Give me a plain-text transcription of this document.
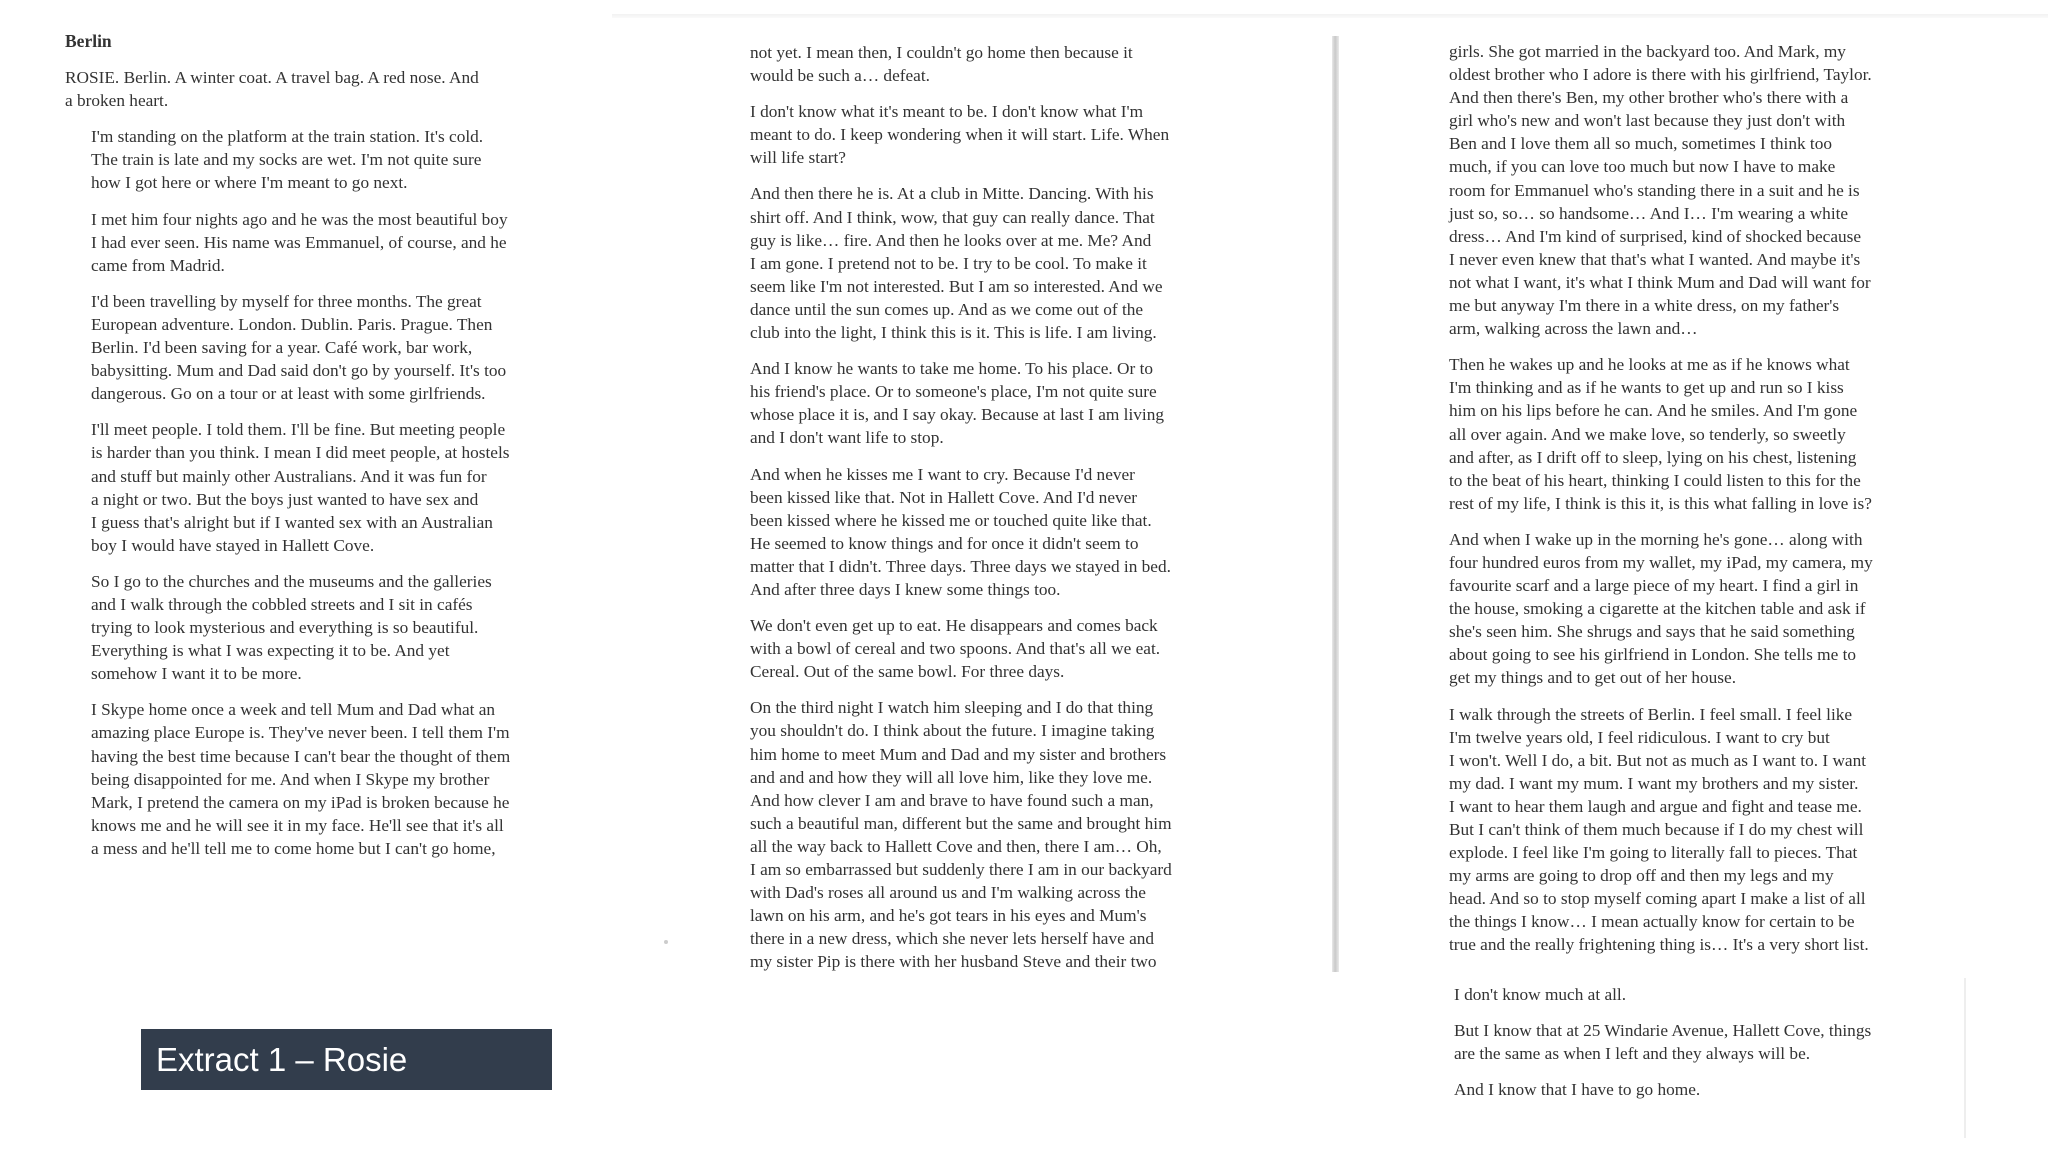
Berlin

ROSIE. Berlin. A winter coat. A travel bag. A red nose. And
a broken heart.

I'm standing on the platform at the train station. It's cold.
The train is late and my socks are wet. I'm not quite sure
how I got here or where I'm meant to go next.

I met him four nights ago and he was the most beautiful boy
I had ever seen. His name was Emmanuel, of course, and he
came from Madrid.

I'd been travelling by myself for three months. The great
European adventure. London. Dublin. Paris. Prague. Then
Berlin. I'd been saving for a year. Café work, bar work,
babysitting. Mum and Dad said don't go by yourself. It's too
dangerous. Go on a tour or at least with some girlfriends.

I'll meet people. I told them. I'll be fine. But meeting people
is harder than you think. I mean I did meet people, at hostels
and stuff but mainly other Australians. And it was fun for
a night or two. But the boys just wanted to have sex and
I guess that's alright but if I wanted sex with an Australian
boy I would have stayed in Hallett Cove.

So I go to the churches and the museums and the galleries
and I walk through the cobbled streets and I sit in cafés
trying to look mysterious and everything is so beautiful.
Everything is what I was expecting it to be. And yet
somehow I want it to be more.

I Skype home once a week and tell Mum and Dad what an
amazing place Europe is. They've never been. I tell them I'm
having the best time because I can't bear the thought of them
being disappointed for me. And when I Skype my brother
Mark, I pretend the camera on my iPad is broken because he
knows me and he will see it in my face. He'll see that it's all
a mess and he'll tell me to come home but I can't go home,

not yet. I mean then, I couldn't go home then because it
would be such a… defeat.

I don't know what it's meant to be. I don't know what I'm
meant to do. I keep wondering when it will start. Life. When
will life start?

And then there he is. At a club in Mitte. Dancing. With his
shirt off. And I think, wow, that guy can really dance. That
guy is like… fire. And then he looks over at me. Me? And
I am gone. I pretend not to be. I try to be cool. To make it
seem like I'm not interested. But I am so interested. And we
dance until the sun comes up. And as we come out of the
club into the light, I think this is it. This is life. I am living.

And I know he wants to take me home. To his place. Or to
his friend's place. Or to someone's place, I'm not quite sure
whose place it is, and I say okay. Because at last I am living
and I don't want life to stop.

And when he kisses me I want to cry. Because I'd never
been kissed like that. Not in Hallett Cove. And I'd never
been kissed where he kissed me or touched quite like that.
He seemed to know things and for once it didn't seem to
matter that I didn't. Three days. Three days we stayed in bed.
And after three days I knew some things too.

We don't even get up to eat. He disappears and comes back
with a bowl of cereal and two spoons. And that's all we eat.
Cereal. Out of the same bowl. For three days.

On the third night I watch him sleeping and I do that thing
you shouldn't do. I think about the future. I imagine taking
him home to meet Mum and Dad and my sister and brothers
and and and how they will all love him, like they love me.
And how clever I am and brave to have found such a man,
such a beautiful man, different but the same and brought him
all the way back to Hallett Cove and then, there I am… Oh,
I am so embarrassed but suddenly there I am in our backyard
with Dad's roses all around us and I'm walking across the
lawn on his arm, and he's got tears in his eyes and Mum's
there in a new dress, which she never lets herself have and
my sister Pip is there with her husband Steve and their two

girls. She got married in the backyard too. And Mark, my
oldest brother who I adore is there with his girlfriend, Taylor.
And then there's Ben, my other brother who's there with a
girl who's new and won't last because they just don't with
Ben and I love them all so much, sometimes I think too
much, if you can love too much but now I have to make
room for Emmanuel who's standing there in a suit and he is
just so, so… so handsome… And I… I'm wearing a white
dress… And I'm kind of surprised, kind of shocked because
I never even knew that that's what I wanted. And maybe it's
not what I want, it's what I think Mum and Dad will want for
me but anyway I'm there in a white dress, on my father's
arm, walking across the lawn and…

Then he wakes up and he looks at me as if he knows what
I'm thinking and as if he wants to get up and run so I kiss
him on his lips before he can. And he smiles. And I'm gone
all over again. And we make love, so tenderly, so sweetly
and after, as I drift off to sleep, lying on his chest, listening
to the beat of his heart, thinking I could listen to this for the
rest of my life, I think is this it, is this what falling in love is?

And when I wake up in the morning he's gone… along with
four hundred euros from my wallet, my iPad, my camera, my
favourite scarf and a large piece of my heart. I find a girl in
the house, smoking a cigarette at the kitchen table and ask if
she's seen him. She shrugs and says that he said something
about going to see his girlfriend in London. She tells me to
get my things and to get out of her house.

I walk through the streets of Berlin. I feel small. I feel like
I'm twelve years old, I feel ridiculous. I want to cry but
I won't. Well I do, a bit. But not as much as I want to. I want
my dad. I want my mum. I want my brothers and my sister.
I want to hear them laugh and argue and fight and tease me.
But I can't think of them much because if I do my chest will
explode. I feel like I'm going to literally fall to pieces. That
my arms are going to drop off and then my legs and my
head. And so to stop myself coming apart I make a list of all
the things I know… I mean actually know for certain to be
true and the really frightening thing is… It's a very short list.

I don't know much at all.

But I know that at 25 Windarie Avenue, Hallett Cove, things
are the same as when I left and they always will be.

And I know that I have to go home.

Extract 1 – Rosie
